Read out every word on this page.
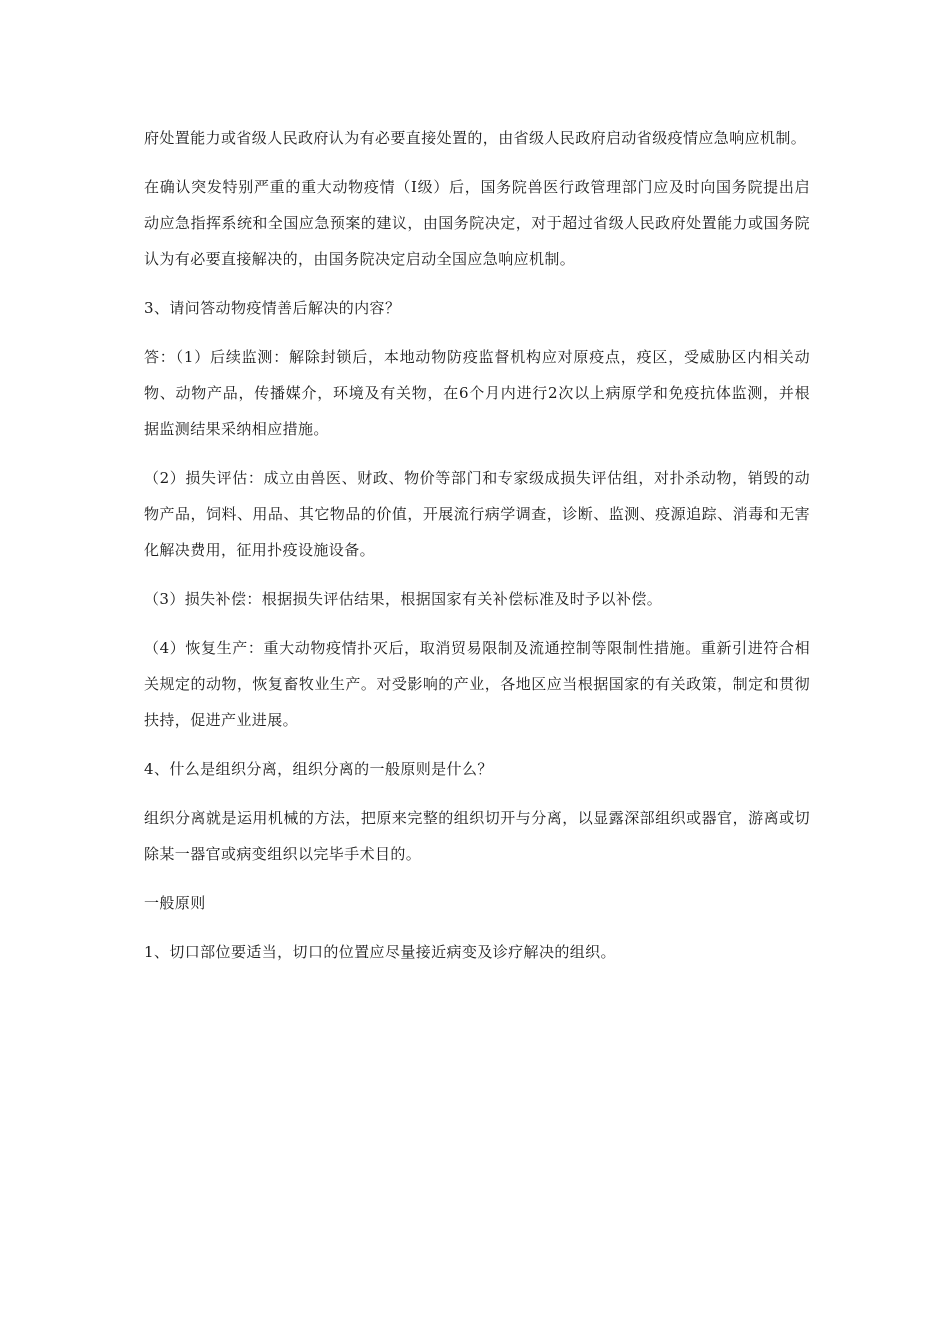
府处置能力或省级人民政府认为有必要直接处置的，由省级人民政府启动省级疫情应急响应机制。

在确认突发特别严重的重大动物疫情（Ⅰ级）后，国务院兽医行政管理部门应及时向国务院提出启动应急指挥系统和全国应急预案的建议，由国务院决定，对于超过省级人民政府处置能力或国务院认为有必要直接解决的，由国务院决定启动全国应急响应机制。

3、请问答动物疫情善后解决的内容？

答：（1）后续监测：解除封锁后，本地动物防疫监督机构应对原疫点，疫区，受威胁区内相关动物、动物产品，传播媒介，环境及有关物，在6个月内进行2次以上病原学和免疫抗体监测，并根据监测结果采纳相应措施。

（2）损失评估：成立由兽医、财政、物价等部门和专家级成损失评估组，对扑杀动物，销毁的动物产品，饲料、用品、其它物品的价值，开展流行病学调查，诊断、监测、疫源追踪、消毒和无害化解决费用，征用扑疫设施设备。

（3）损失补偿：根据损失评估结果，根据国家有关补偿标准及时予以补偿。

（4）恢复生产：重大动物疫情扑灭后，取消贸易限制及流通控制等限制性措施。重新引进符合相关规定的动物，恢复畜牧业生产。对受影响的产业，各地区应当根据国家的有关政策，制定和贯彻扶持，促进产业进展。

4、什么是组织分离，组织分离的一般原则是什么？

组织分离就是运用机械的方法，把原来完整的组织切开与分离，以显露深部组织或器官，游离或切除某一器官或病变组织以完毕手术目的。

一般原则

1、切口部位要适当，切口的位置应尽量接近病变及诊疗解决的组织。
